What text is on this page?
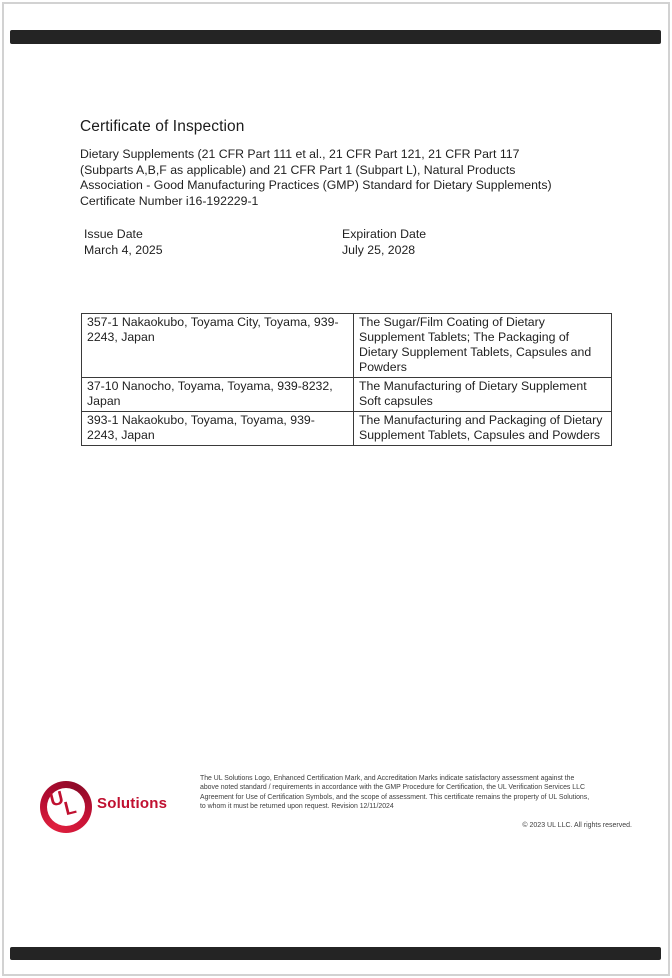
Certificate of Inspection
Dietary Supplements (21 CFR Part 111 et al., 21 CFR Part 121, 21 CFR Part 117
(Subparts A,B,F as applicable) and 21 CFR Part 1 (Subpart L), Natural Products
Association - Good Manufacturing Practices (GMP) Standard for Dietary Supplements)
Certificate Number i16-192229-1
Issue Date
March 4, 2025
Expiration Date
July 25, 2028
357-1 Nakaokubo, Toyama City, Toyama, 939-2243, Japan	The Sugar/Film Coating of Dietary Supplement Tablets; The Packaging of Dietary Supplement Tablets, Capsules and Powders
37-10 Nanocho, Toyama, Toyama, 939-8232, Japan	The Manufacturing of Dietary Supplement Soft capsules
393-1 Nakaokubo, Toyama, Toyama, 939-2243, Japan	The Manufacturing and Packaging of Dietary Supplement Tablets, Capsules and Powders
U
L Solutions
The UL Solutions Logo, Enhanced Certification Mark, and Accreditation Marks indicate satisfactory assessment against the
above noted standard / requirements in accordance with the GMP Procedure for Certification, the UL Verification Services LLC
Agreement for Use of Certification Symbols, and the scope of assessment. This certificate remains the property of UL Solutions,
to whom it must be returned upon request. Revision 12/11/2024
© 2023 UL LLC. All rights reserved.
